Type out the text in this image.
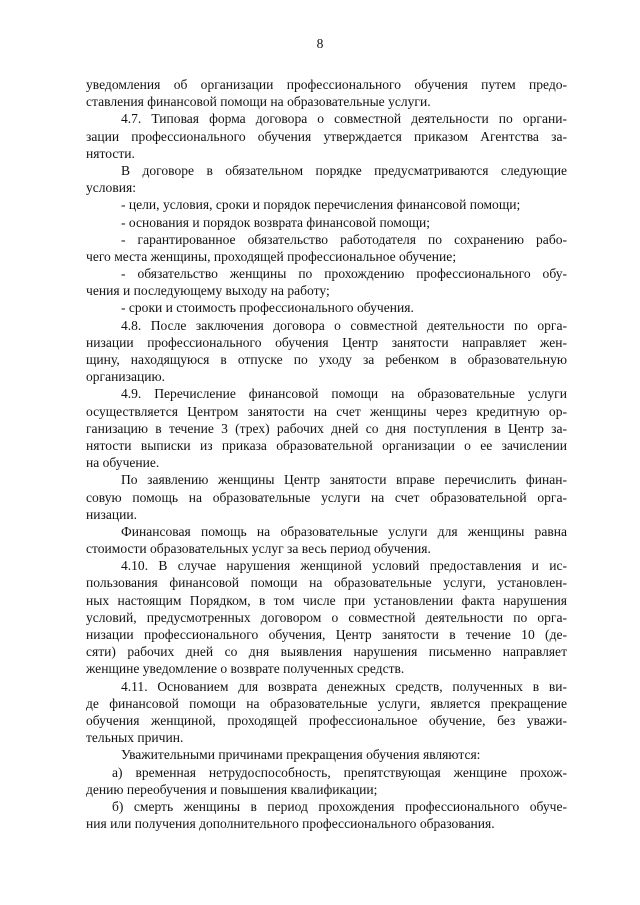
8
уведомления об организации профессионального обучения путем предо-
ставления финансовой помощи на образовательные услуги.
4.7. Типовая форма договора о совместной деятельности по органи-
зации профессионального обучения утверждается приказом Агентства за-
нятости.
В договоре в обязательном порядке предусматриваются следующие
условия:
- цели, условия, сроки и порядок перечисления финансовой помощи;
- основания и порядок возврата финансовой помощи;
- гарантированное обязательство работодателя по сохранению рабо-
чего места женщины, проходящей профессиональное обучение;
- обязательство женщины по прохождению профессионального обу-
чения и последующему выходу на работу;
- сроки и стоимость профессионального обучения.
4.8. После заключения договора о совместной деятельности по орга-
низации профессионального обучения Центр занятости направляет жен-
щину, находящуюся в отпуске по уходу за ребенком в образовательную
организацию.
4.9. Перечисление финансовой помощи на образовательные услуги
осуществляется Центром занятости на счет женщины через кредитную ор-
ганизацию в течение 3 (трех) рабочих дней со дня поступления в Центр за-
нятости выписки из приказа образовательной организации о ее зачислении
на обучение.
По заявлению женщины Центр занятости вправе перечислить финан-
совую помощь на образовательные услуги на счет образовательной орга-
низации.
Финансовая помощь на образовательные услуги для женщины равна
стоимости образовательных услуг за весь период обучения.
4.10. В случае нарушения женщиной условий предоставления и ис-
пользования финансовой помощи на образовательные услуги, установлен-
ных настоящим Порядком, в том числе при установлении факта нарушения
условий, предусмотренных договором о совместной деятельности по орга-
низации профессионального обучения, Центр занятости в течение 10 (де-
сяти) рабочих дней со дня выявления нарушения письменно направляет
женщине уведомление о возврате полученных средств.
4.11. Основанием для возврата денежных средств, полученных в ви-
де финансовой помощи на образовательные услуги, является прекращение
обучения женщиной, проходящей профессиональное обучение, без уважи-
тельных причин.
Уважительными причинами прекращения обучения являются:
а) временная нетрудоспособность, препятствующая женщине прохож-
дению переобучения и повышения квалификации;
б) смерть женщины в период прохождения профессионального обуче-
ния или получения дополнительного профессионального образования.
